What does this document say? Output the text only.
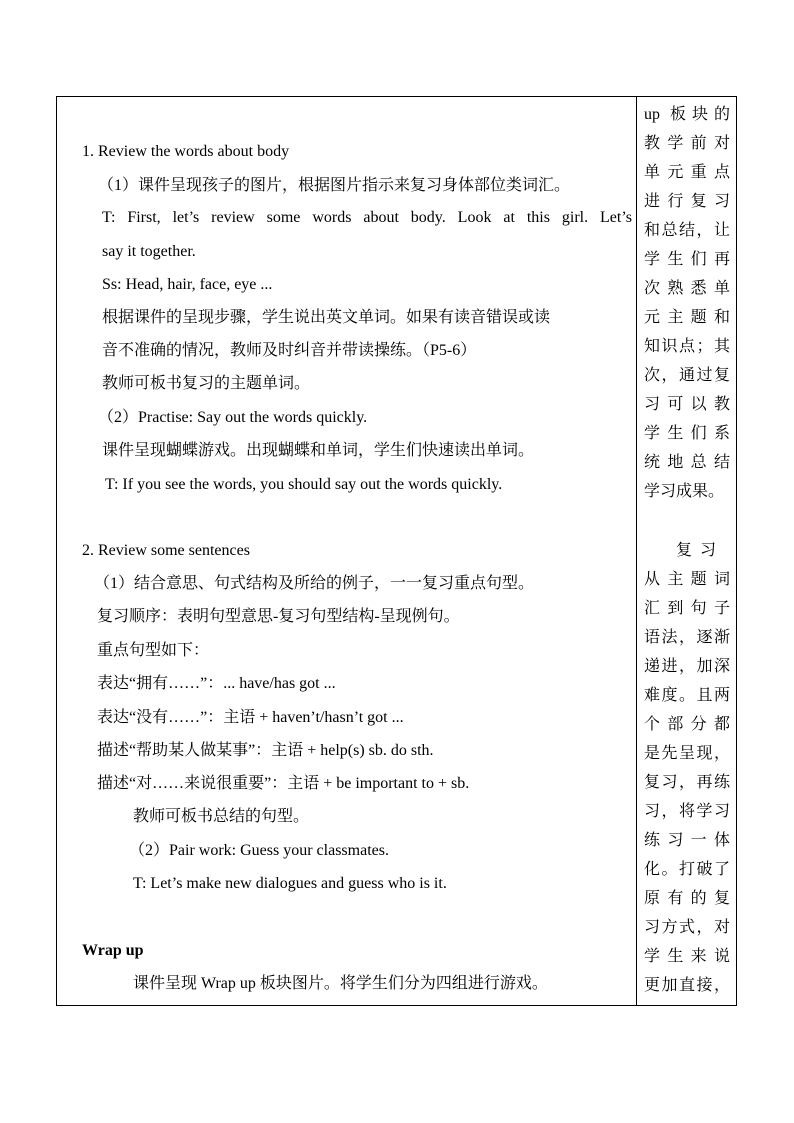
1. Review the words about body
（1）课件呈现孩子的图片，根据图片指示来复习身体部位类词汇。
T: First, let’s review some words about body. Look at this girl. Let’s
say it together.
Ss: Head, hair, face, eye ...
根据课件的呈现步骤，学生说出英文单词。如果有读音错误或读
音不准确的情况，教师及时纠音并带读操练。（P5-6）
教师可板书复习的主题单词。
（2）Practise: Say out the words quickly.
课件呈现蝴蝶游戏。出现蝴蝶和单词，学生们快速读出单词。
T: If you see the words, you should say out the words quickly.
2. Review some sentences
（1）结合意思、句式结构及所给的例子，一一复习重点句型。
复习顺序：表明句型意思-复习句型结构-呈现例句。
重点句型如下：
表达“拥有……”：... have/has got ...
表达“没有……”：主语 + haven’t/hasn’t got ...
描述“帮助某人做某事”：主语 + help(s) sb. do sth.
描述“对……来说很重要”：主语 + be important to + sb.
教师可板书总结的句型。
（2）Pair work: Guess your classmates.
T: Let’s make new dialogues and guess who is it.
Wrap up
课件呈现 Wrap up 板块图片。将学生们分为四组进行游戏。
up 板块的
教学前对
单元重点
进行复习
和总结，让
学生们再
次熟悉单
元主题和
知识点；其
次，通过复
习可以教
学生们系
统地总结
学习成果。
复习
从主题词
汇到句子
语法，逐渐
递进，加深
难度。且两
个部分都
是先呈现，
复习，再练
习，将学习
练习一体
化。打破了
原有的复
习方式，对
学生来说
更加直接，
